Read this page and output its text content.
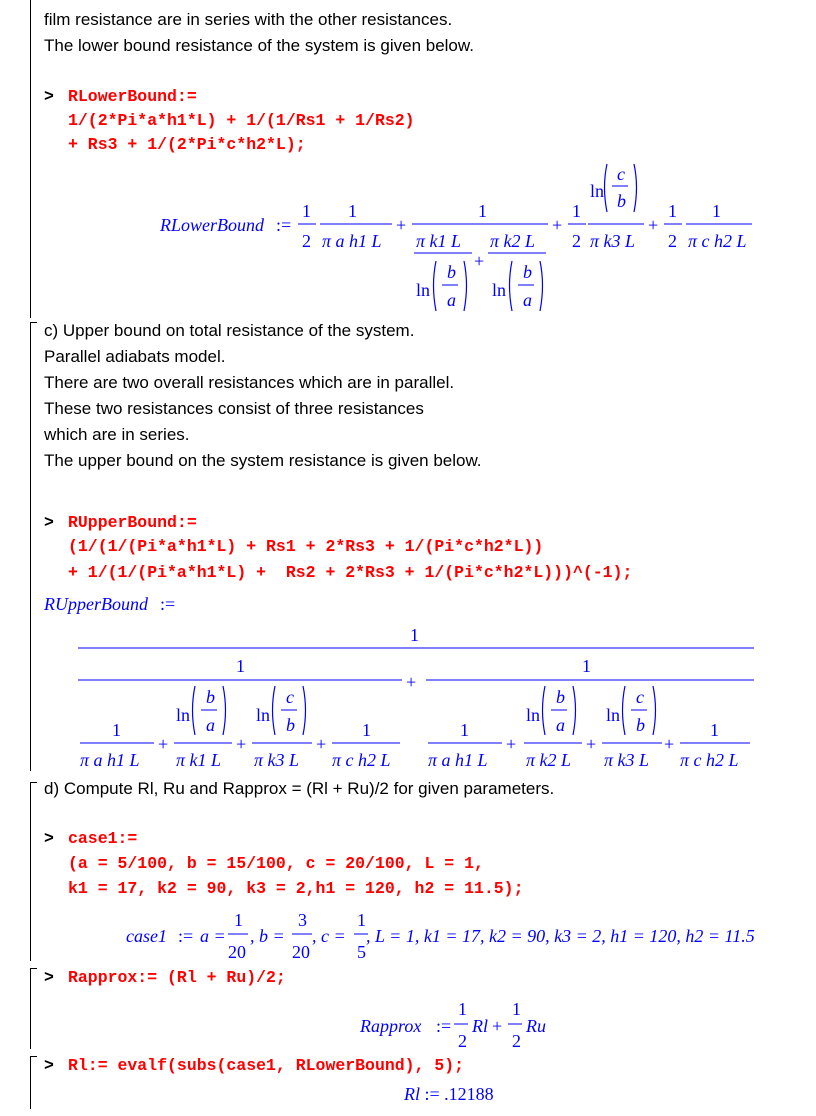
film resistance are in series with the other resistances.
The lower bound resistance of the system is given below.
> RLowerBound:=
1/(2*Pi*a*h1*L) + 1/(1/Rs1 + 1/Rs2)
+ Rs3 + 1/(2*Pi*c*h2*L);
RLowerBound :=
1
2
1
π a h1 L
+
1
π k1 L
ln
b
a
+
π k2 L
ln
b
a
+
1
2
ln
c
b
π k3 L
+
1
2
1
π c h2 L
c) Upper bound on total resistance of the system.
Parallel adiabats model.
There are two overall resistances which are in parallel.
These two resistances consist of three resistances
which are in series.
The upper bound on the system resistance is given below.
> RUpperBound:=
(1/(1/(Pi*a*h1*L) + Rs1 + 2*Rs3 + 1/(Pi*c*h2*L))
+ 1/(1/(Pi*a*h1*L) +  Rs2 + 2*Rs3 + 1/(Pi*c*h2*L)))^(-1);
RUpperBound :=
1
1
1
π a h1 L
+
ln
b
a
π k1 L
+
ln
c
b
π k3 L
+
1
π c h2 L
+
1
1
π a h1 L
+
ln
b
a
π k2 L
+
ln
c
b
π k3 L
+
1
π c h2 L
d) Compute Rl, Ru and Rapprox = (Rl + Ru)/2 for given parameters.
> case1:=
(a = 5/100, b = 15/100, c = 20/100, L = 1,
k1 = 17, k2 = 90, k3 = 2,h1 = 120, h2 = 11.5);
case1 := a =
1
20
, b =
3
20
, c =
1
5
, L = 1, k1 = 17, k2 = 90, k3 = 2, h1 = 120, h2 = 11.5
> Rapprox:= (Rl + Ru)/2;
Rapprox :=
1
2
Rl +
1
2
Ru
> Rl:= evalf(subs(case1, RLowerBound), 5);
Rl := .12188
